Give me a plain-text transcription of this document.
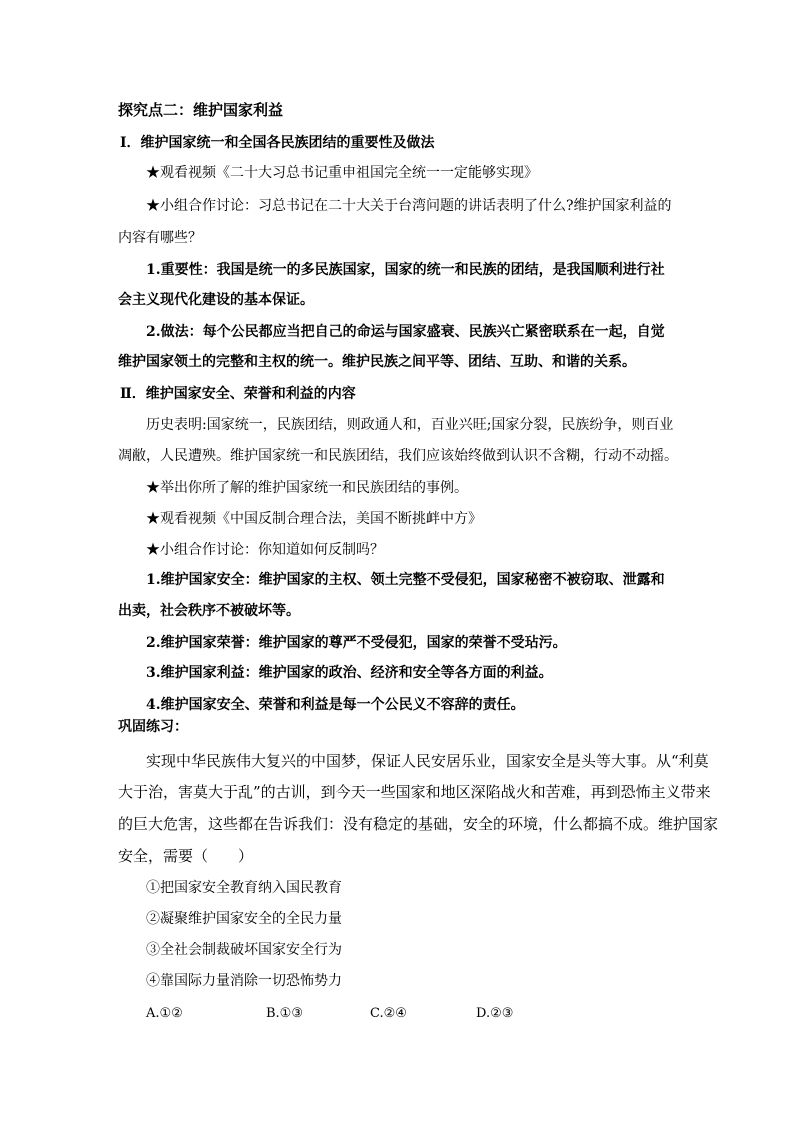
探究点二：维护国家利益
Ⅰ．维护国家统一和全国各民族团结的重要性及做法
★观看视频《二十大习总书记重申祖国完全统一一定能够实现》
★小组合作讨论：习总书记在二十大关于台湾问题的讲话表明了什么?维护国家利益的
内容有哪些？
1.重要性：我国是统一的多民族国家，国家的统一和民族的团结，是我国顺利进行社
会主义现代化建设的基本保证。
2.做法：每个公民都应当把自己的命运与国家盛衰、民族兴亡紧密联系在一起，自觉
维护国家领土的完整和主权的统一。维护民族之间平等、团结、互助、和谐的关系。
Ⅱ．维护国家安全、荣誉和利益的内容
历史表明:国家统一，民族团结，则政通人和，百业兴旺;国家分裂，民族纷争，则百业
凋敝，人民遭殃。维护国家统一和民族团结，我们应该始终做到认识不含糊，行动不动摇。
★举出你所了解的维护国家统一和民族团结的事例。
★观看视频《中国反制合理合法，美国不断挑衅中方》
★小组合作讨论：你知道如何反制吗？
1.维护国家安全：维护国家的主权、领土完整不受侵犯，国家秘密不被窃取、泄露和
出卖，社会秩序不被破坏等。
2.维护国家荣誉：维护国家的尊严不受侵犯，国家的荣誉不受玷污。
3.维护国家利益：维护国家的政治、经济和安全等各方面的利益。
4.维护国家安全、荣誉和利益是每一个公民义不容辞的责任。
巩固练习：
实现中华民族伟大复兴的中国梦，保证人民安居乐业，国家安全是头等大事。从“利莫
大于治，害莫大于乱”的古训，到今天一些国家和地区深陷战火和苦难，再到恐怖主义带来
的巨大危害，这些都在告诉我们：没有稳定的基础，安全的环境，什么都搞不成。维护国家
安全，需要（　　）
①把国家安全教育纳入国民教育
②凝聚维护国家安全的全民力量
③全社会制裁破坏国家安全行为
④靠国际力量消除一切恐怖势力
A.①②	B.①③	C.②④	D.②③
